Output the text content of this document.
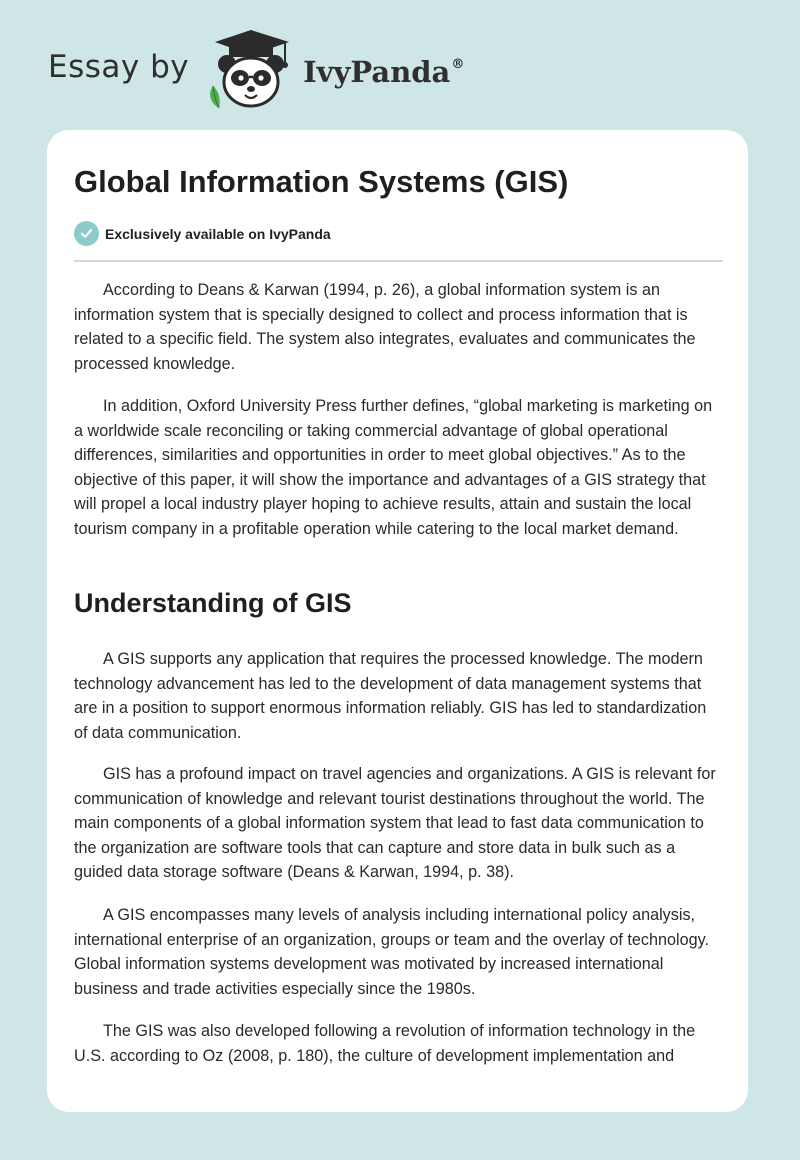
Essay by	IvyPanda®
Global Information Systems (GIS)
Exclusively available on IvyPanda

According to Deans & Karwan (1994, p. 26), a global information system is an information system that is specially designed to collect and process information that is related to a specific field. The system also integrates, evaluates and communicates the processed knowledge.

In addition, Oxford University Press further defines, “global marketing is marketing on a worldwide scale reconciling or taking commercial advantage of global operational differences, similarities and opportunities in order to meet global objectives.” As to the objective of this paper, it will show the importance and advantages of a GIS strategy that will propel a local industry player hoping to achieve results, attain and sustain the local tourism company in a profitable operation while catering to the local market demand.

Understanding of GIS

A GIS supports any application that requires the processed knowledge. The modern technology advancement has led to the development of data management systems that are in a position to support enormous information reliably. GIS has led to standardization of data communication.

GIS has a profound impact on travel agencies and organizations. A GIS is relevant for communication of knowledge and relevant tourist destinations throughout the world. The main components of a global information system that lead to fast data communication to the organization are software tools that can capture and store data in bulk such as a guided data storage software (Deans & Karwan, 1994, p. 38).

A GIS encompasses many levels of analysis including international policy analysis, international enterprise of an organization, groups or team and the overlay of technology. Global information systems development was motivated by increased international business and trade activities especially since the 1980s.

The GIS was also developed following a revolution of information technology in the U.S. according to Oz (2008, p. 180), the culture of development implementation and
